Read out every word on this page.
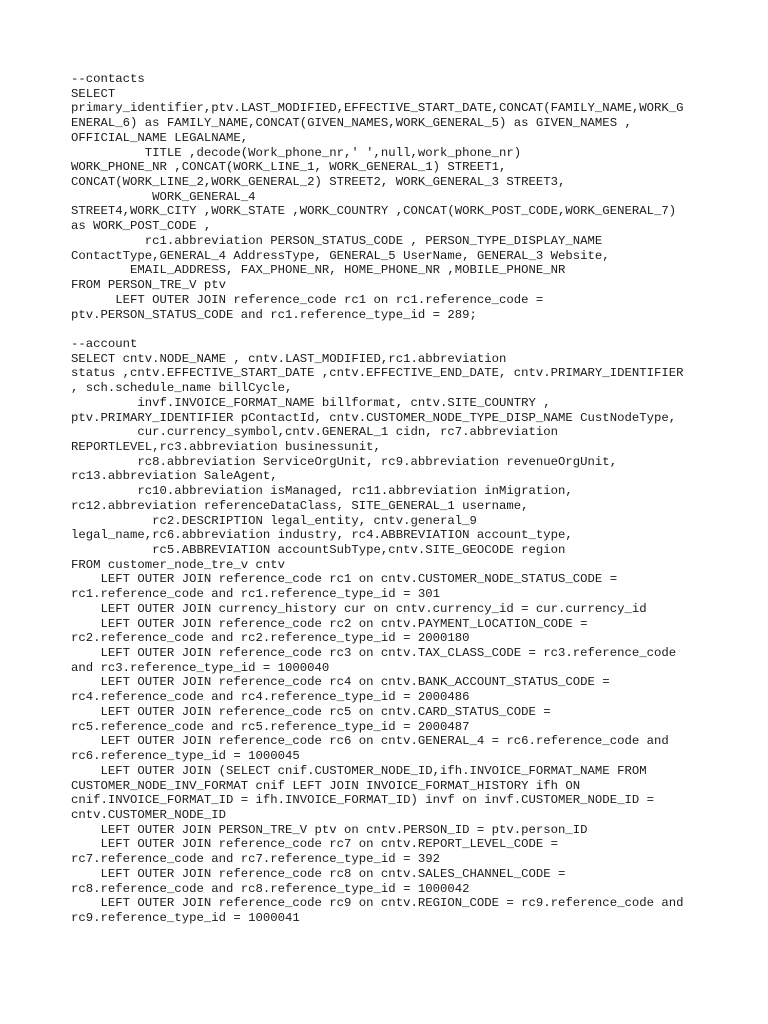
--contacts
SELECT
primary_identifier,ptv.LAST_MODIFIED,EFFECTIVE_START_DATE,CONCAT(FAMILY_NAME,WORK_G
ENERAL_6) as FAMILY_NAME,CONCAT(GIVEN_NAMES,WORK_GENERAL_5) as GIVEN_NAMES ,
OFFICIAL_NAME LEGALNAME,
TITLE ,decode(Work_phone_nr,' ',null,work_phone_nr)
WORK_PHONE_NR ,CONCAT(WORK_LINE_1, WORK_GENERAL_1) STREET1,
CONCAT(WORK_LINE_2,WORK_GENERAL_2) STREET2, WORK_GENERAL_3 STREET3,
WORK_GENERAL_4
STREET4,WORK_CITY ,WORK_STATE ,WORK_COUNTRY ,CONCAT(WORK_POST_CODE,WORK_GENERAL_7)
as WORK_POST_CODE ,
rc1.abbreviation PERSON_STATUS_CODE , PERSON_TYPE_DISPLAY_NAME
ContactType,GENERAL_4 AddressType, GENERAL_5 UserName, GENERAL_3 Website,
EMAIL_ADDRESS, FAX_PHONE_NR, HOME_PHONE_NR ,MOBILE_PHONE_NR
FROM PERSON_TRE_V ptv
LEFT OUTER JOIN reference_code rc1 on rc1.reference_code =
ptv.PERSON_STATUS_CODE and rc1.reference_type_id = 289;
--account
SELECT cntv.NODE_NAME , cntv.LAST_MODIFIED,rc1.abbreviation
status ,cntv.EFFECTIVE_START_DATE ,cntv.EFFECTIVE_END_DATE, cntv.PRIMARY_IDENTIFIER
, sch.schedule_name billCycle,
invf.INVOICE_FORMAT_NAME billformat, cntv.SITE_COUNTRY ,
ptv.PRIMARY_IDENTIFIER pContactId, cntv.CUSTOMER_NODE_TYPE_DISP_NAME CustNodeType,
cur.currency_symbol,cntv.GENERAL_1 cidn, rc7.abbreviation
REPORTLEVEL,rc3.abbreviation businessunit,
rc8.abbreviation ServiceOrgUnit, rc9.abbreviation revenueOrgUnit,
rc13.abbreviation SaleAgent,
rc10.abbreviation isManaged, rc11.abbreviation inMigration,
rc12.abbreviation referenceDataClass, SITE_GENERAL_1 username,
rc2.DESCRIPTION legal_entity, cntv.general_9
legal_name,rc6.abbreviation industry, rc4.ABBREVIATION account_type,
rc5.ABBREVIATION accountSubType,cntv.SITE_GEOCODE region
FROM customer_node_tre_v cntv
LEFT OUTER JOIN reference_code rc1 on cntv.CUSTOMER_NODE_STATUS_CODE =
rc1.reference_code and rc1.reference_type_id = 301
LEFT OUTER JOIN currency_history cur on cntv.currency_id = cur.currency_id
LEFT OUTER JOIN reference_code rc2 on cntv.PAYMENT_LOCATION_CODE =
rc2.reference_code and rc2.reference_type_id = 2000180
LEFT OUTER JOIN reference_code rc3 on cntv.TAX_CLASS_CODE = rc3.reference_code
and rc3.reference_type_id = 1000040
LEFT OUTER JOIN reference_code rc4 on cntv.BANK_ACCOUNT_STATUS_CODE =
rc4.reference_code and rc4.reference_type_id = 2000486
LEFT OUTER JOIN reference_code rc5 on cntv.CARD_STATUS_CODE =
rc5.reference_code and rc5.reference_type_id = 2000487
LEFT OUTER JOIN reference_code rc6 on cntv.GENERAL_4 = rc6.reference_code and
rc6.reference_type_id = 1000045
LEFT OUTER JOIN (SELECT cnif.CUSTOMER_NODE_ID,ifh.INVOICE_FORMAT_NAME FROM
CUSTOMER_NODE_INV_FORMAT cnif LEFT JOIN INVOICE_FORMAT_HISTORY ifh ON
cnif.INVOICE_FORMAT_ID = ifh.INVOICE_FORMAT_ID) invf on invf.CUSTOMER_NODE_ID =
cntv.CUSTOMER_NODE_ID
LEFT OUTER JOIN PERSON_TRE_V ptv on cntv.PERSON_ID = ptv.person_ID
LEFT OUTER JOIN reference_code rc7 on cntv.REPORT_LEVEL_CODE =
rc7.reference_code and rc7.reference_type_id = 392
LEFT OUTER JOIN reference_code rc8 on cntv.SALES_CHANNEL_CODE =
rc8.reference_code and rc8.reference_type_id = 1000042
LEFT OUTER JOIN reference_code rc9 on cntv.REGION_CODE = rc9.reference_code and
rc9.reference_type_id = 1000041
